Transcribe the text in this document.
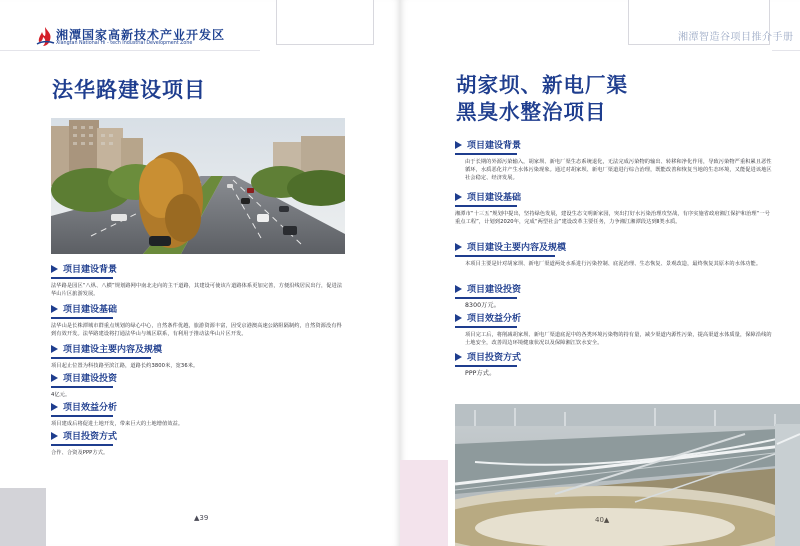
湘潭国家高新技术产业开发区
Xiangtan National Hi - tech Industrial Development Zone
法华路建设项目
项目建设背景
法华路是园区“八纵、八横”规划路网中南北走向的主干道路，其建设可使该片道路体系更加完善，方便沿线居民出行，促进法华山片区旅游发展。
项目建设基础
法华山是长株潭城市群重点规划的绿心中心，自然条件优越，旅游资源丰富，因受京港澳高速公路阻隔制约，自然资源没有得到有效开发。法华路建设将打通法华山与城区联系，有利用于推动法华山片区开发。
项目建设主要内容及规模
项目起止位置为科技路至滨江路，道路长约3800米，宽36米。
项目建设投资
4亿元。
项目效益分析
项目建成后将促进土地开发，带来巨大的土地增值效益。
项目投资方式
合作、合资及PPP方式。
▲39
湘潭智造谷项目推介手册
胡家坝、新电厂渠
黑臭水整治项目
项目建设背景
由于长期的外源污染输入，胡家坝、新电厂渠生态系统退化，无法完成污染物的输出、转移和净化作用，导致污染物严重积累且恶性循环，水质恶化并产生水体污染现象。通过对胡家坝、新电厂渠道进行综合治理，既能改善和恢复当地的生态环境，又能促进该地区社会稳定、经济发展。
项目建设基础
湘潭市“十三五”规划中提出，坚持绿色发展，建设生态文明新家园，突出打好水污染治理攻坚战，有序实施省政府湘江保护和治理“一号重点工程”，计划到2020年，完成“两型社会”建设改革主要任务，力争湘江湘潭段达到Ⅱ类水质。
项目建设主要内容及规模
本项目主要是针对胡家坝、新电厂渠道两处水系进行污染控制、底泥治理、生态恢复、景观改造，最终恢复其原本的水体功能。
项目建设投资
8300万元。
项目效益分析
项目完工后，将削减胡家坝、新电厂渠道底泥中的各类环境污染物的持有量，减少渠道内源性污染，提高渠道水体质量，保障沿线的土地安全，改善周边环境健康状况以及保障湘江饮水安全。
项目投资方式
PPP方式。
40▲
